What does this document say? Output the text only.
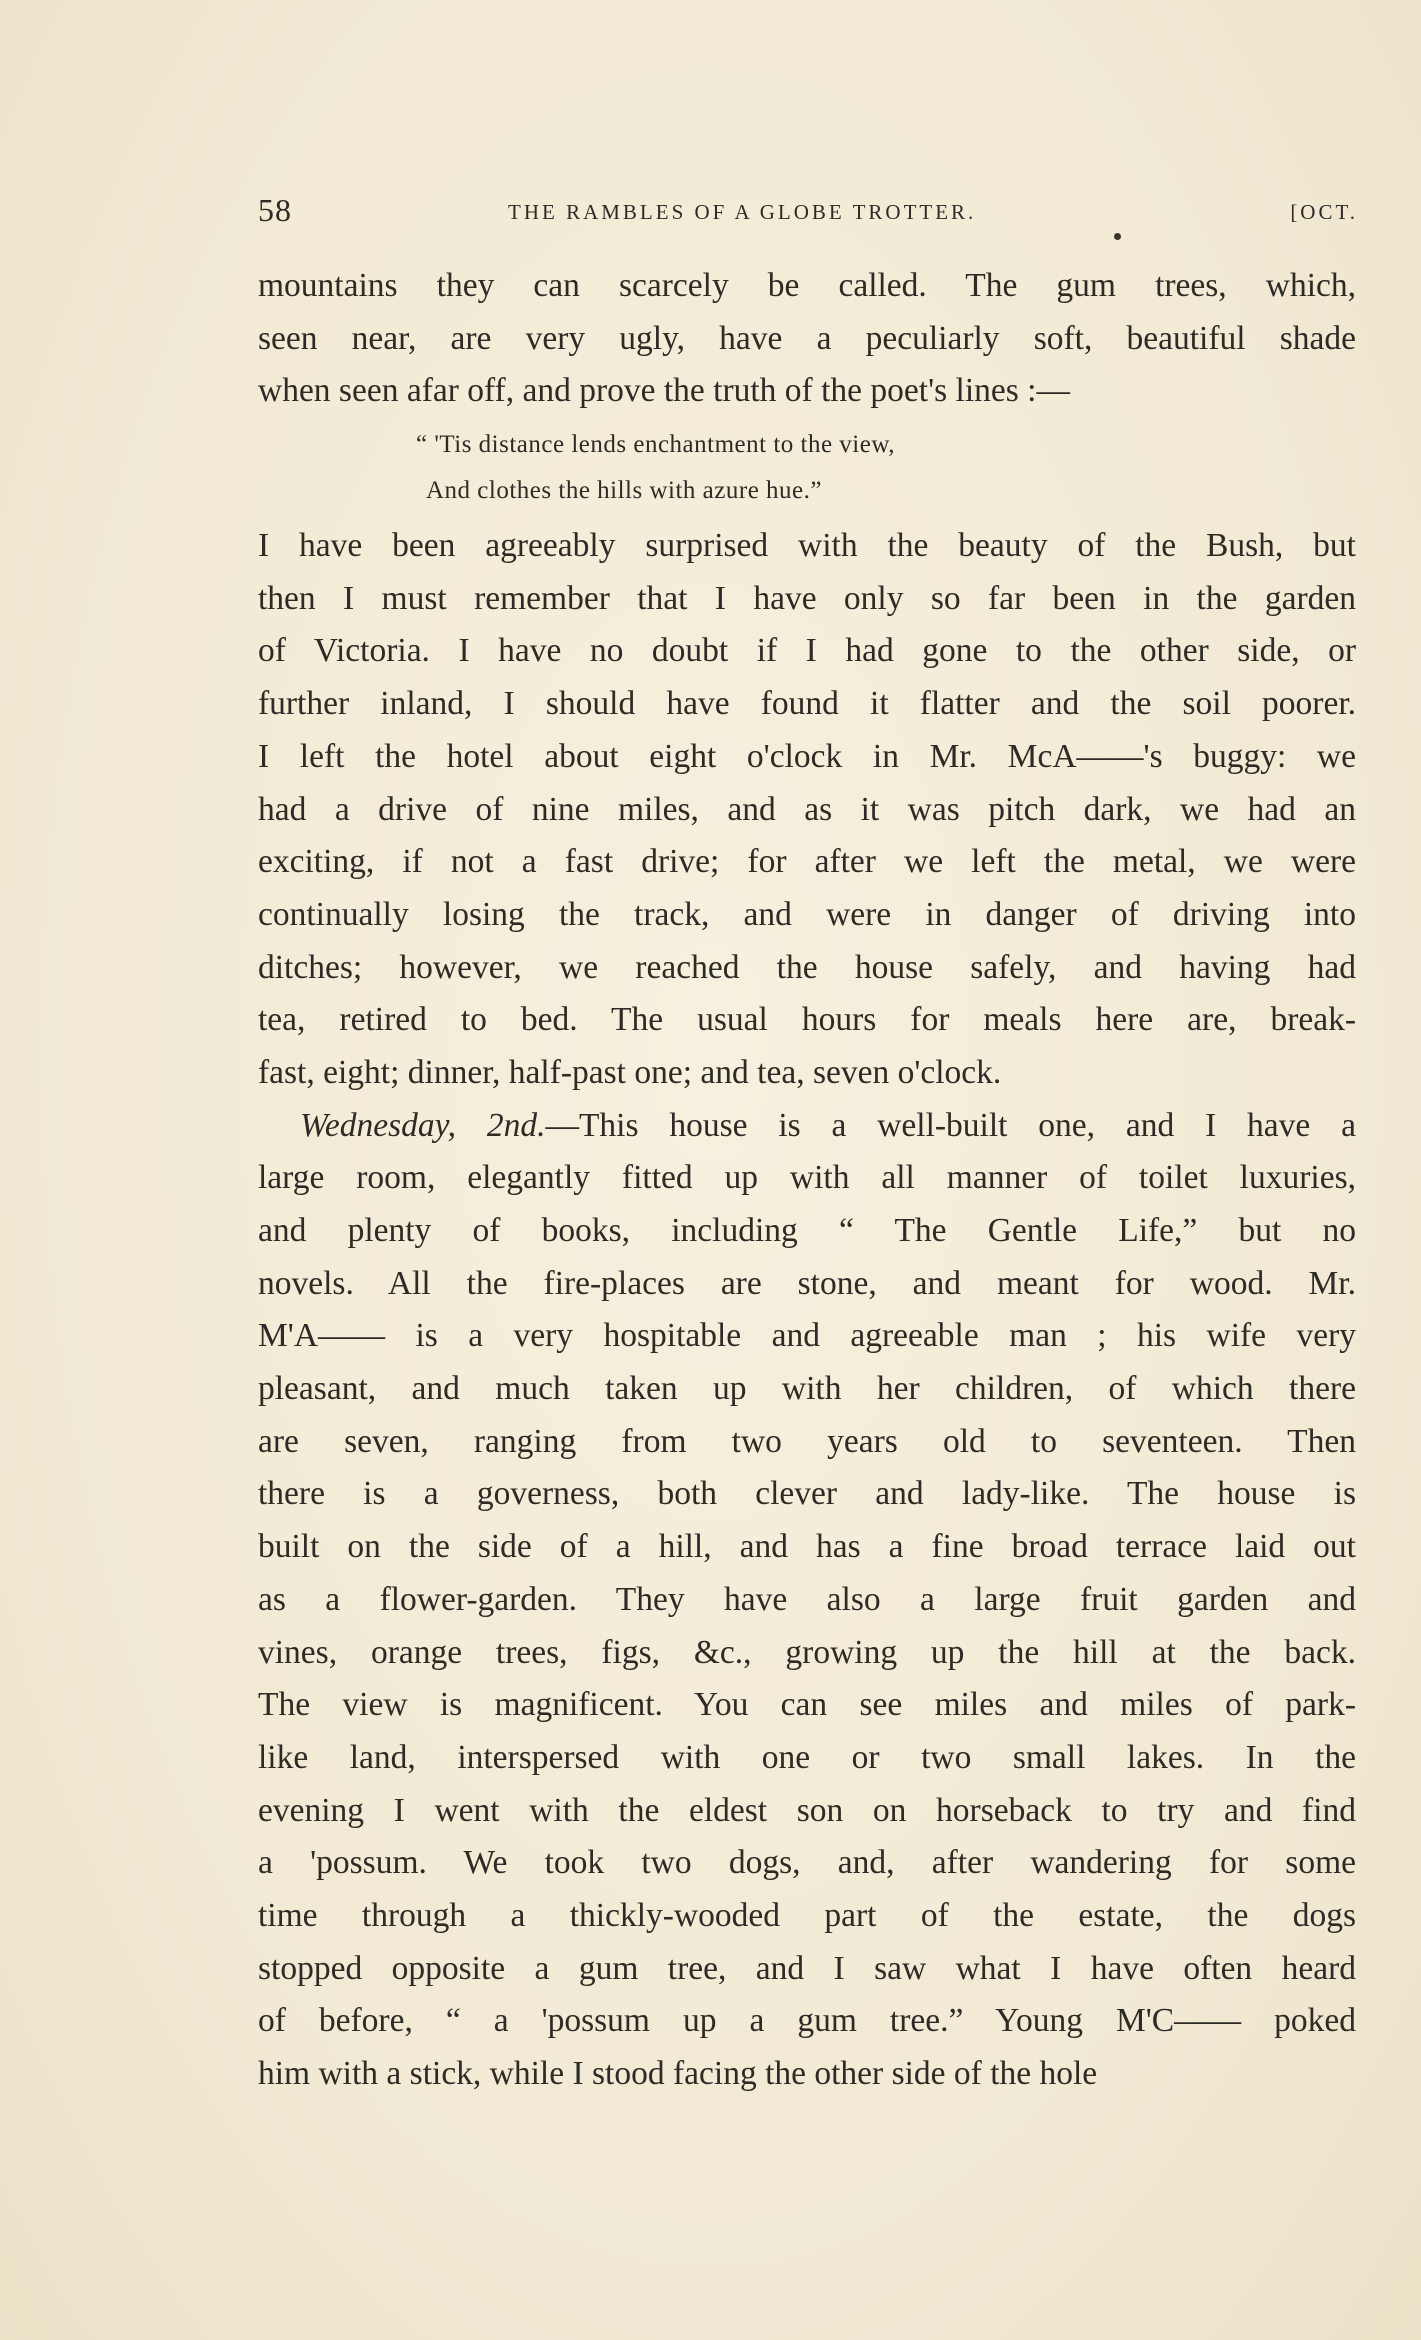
58	THE RAMBLES OF A GLOBE TROTTER.	[OCT.
mountains they can scarcely be called. The gum trees, which,
seen near, are very ugly, have a peculiarly soft, beautiful shade
when seen afar off, and prove the truth of the poet's lines :—
“ 'Tis distance lends enchantment to the view,
And clothes the hills with azure hue.”
I have been agreeably surprised with the beauty of the Bush, but
then I must remember that I have only so far been in the garden
of Victoria. I have no doubt if I had gone to the other side, or
further inland, I should have found it flatter and the soil poorer.
I left the hotel about eight o'clock in Mr. McA——'s buggy: we
had a drive of nine miles, and as it was pitch dark, we had an
exciting, if not a fast drive; for after we left the metal, we were
continually losing the track, and were in danger of driving into
ditches; however, we reached the house safely, and having had
tea, retired to bed. The usual hours for meals here are, break-
fast, eight; dinner, half-past one; and tea, seven o'clock.
Wednesday, 2nd.—This house is a well-built one, and I have a
large room, elegantly fitted up with all manner of toilet luxuries,
and plenty of books, including “ The Gentle Life,” but no
novels. All the fire-places are stone, and meant for wood. Mr.
M'A—— is a very hospitable and agreeable man ; his wife very
pleasant, and much taken up with her children, of which there
are seven, ranging from two years old to seventeen. Then
there is a governess, both clever and lady-like. The house is
built on the side of a hill, and has a fine broad terrace laid out
as a flower-garden. They have also a large fruit garden and
vines, orange trees, figs, &c., growing up the hill at the back.
The view is magnificent. You can see miles and miles of park-
like land, interspersed with one or two small lakes. In the
evening I went with the eldest son on horseback to try and find
a 'possum. We took two dogs, and, after wandering for some
time through a thickly-wooded part of the estate, the dogs
stopped opposite a gum tree, and I saw what I have often heard
of before, “ a 'possum up a gum tree.” Young M'C—— poked
him with a stick, while I stood facing the other side of the hole
